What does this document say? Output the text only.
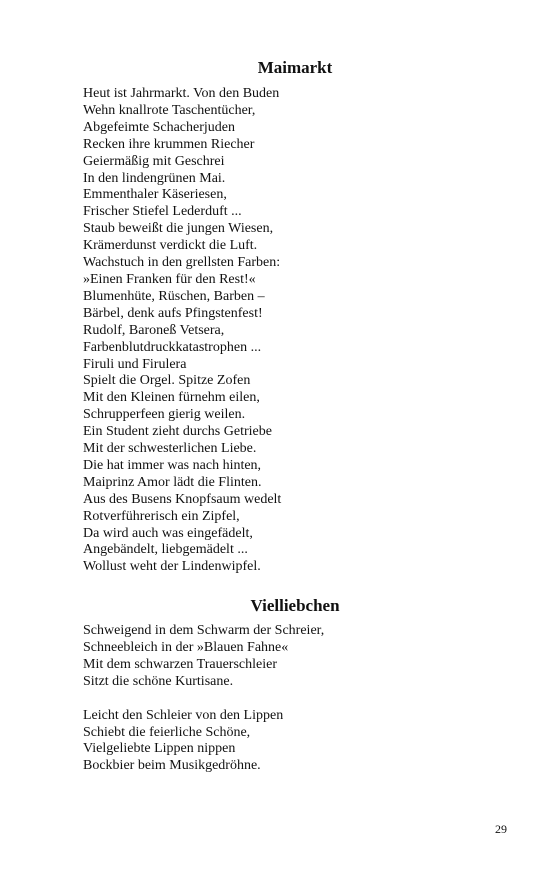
Maimarkt

Heut ist Jahrmarkt. Von den Buden

Wehn knallrote Taschentücher,

Abgefeimte Schacherjuden

Recken ihre krummen Riecher

Geiermäßig mit Geschrei

In den lindengrünen Mai.

Emmenthaler Käseriesen,

Frischer Stiefel Lederduft ...

Staub beweißt die jungen Wiesen,

Krämerdunst verdickt die Luft.

Wachstuch in den grellsten Farben:

»Einen Franken für den Rest!«

Blumenhüte, Rüschen, Barben –

Bärbel, denk aufs Pfingstenfest!

Rudolf, Baroneß Vetsera,

Farbenblutdruckkatastrophen ...

Firuli und Firulera

Spielt die Orgel. Spitze Zofen

Mit den Kleinen fürnehm eilen,

Schrupperfeen gierig weilen.

Ein Student zieht durchs Getriebe

Mit der schwesterlichen Liebe.

Die hat immer was nach hinten,

Maiprinz Amor lädt die Flinten.

Aus des Busens Knopfsaum wedelt

Rotverführerisch ein Zipfel,

Da wird auch was eingefädelt,

Angebändelt, liebgemädelt ...

Wollust weht der Lindenwipfel.

Vielliebchen

Schweigend in dem Schwarm der Schreier,

Schneebleich in der »Blauen Fahne«

Mit dem schwarzen Trauerschleier

Sitzt die schöne Kurtisane.

Leicht den Schleier von den Lippen

Schiebt die feierliche Schöne,

Vielgeliebte Lippen nippen

Bockbier beim Musikgedröhne.

29
